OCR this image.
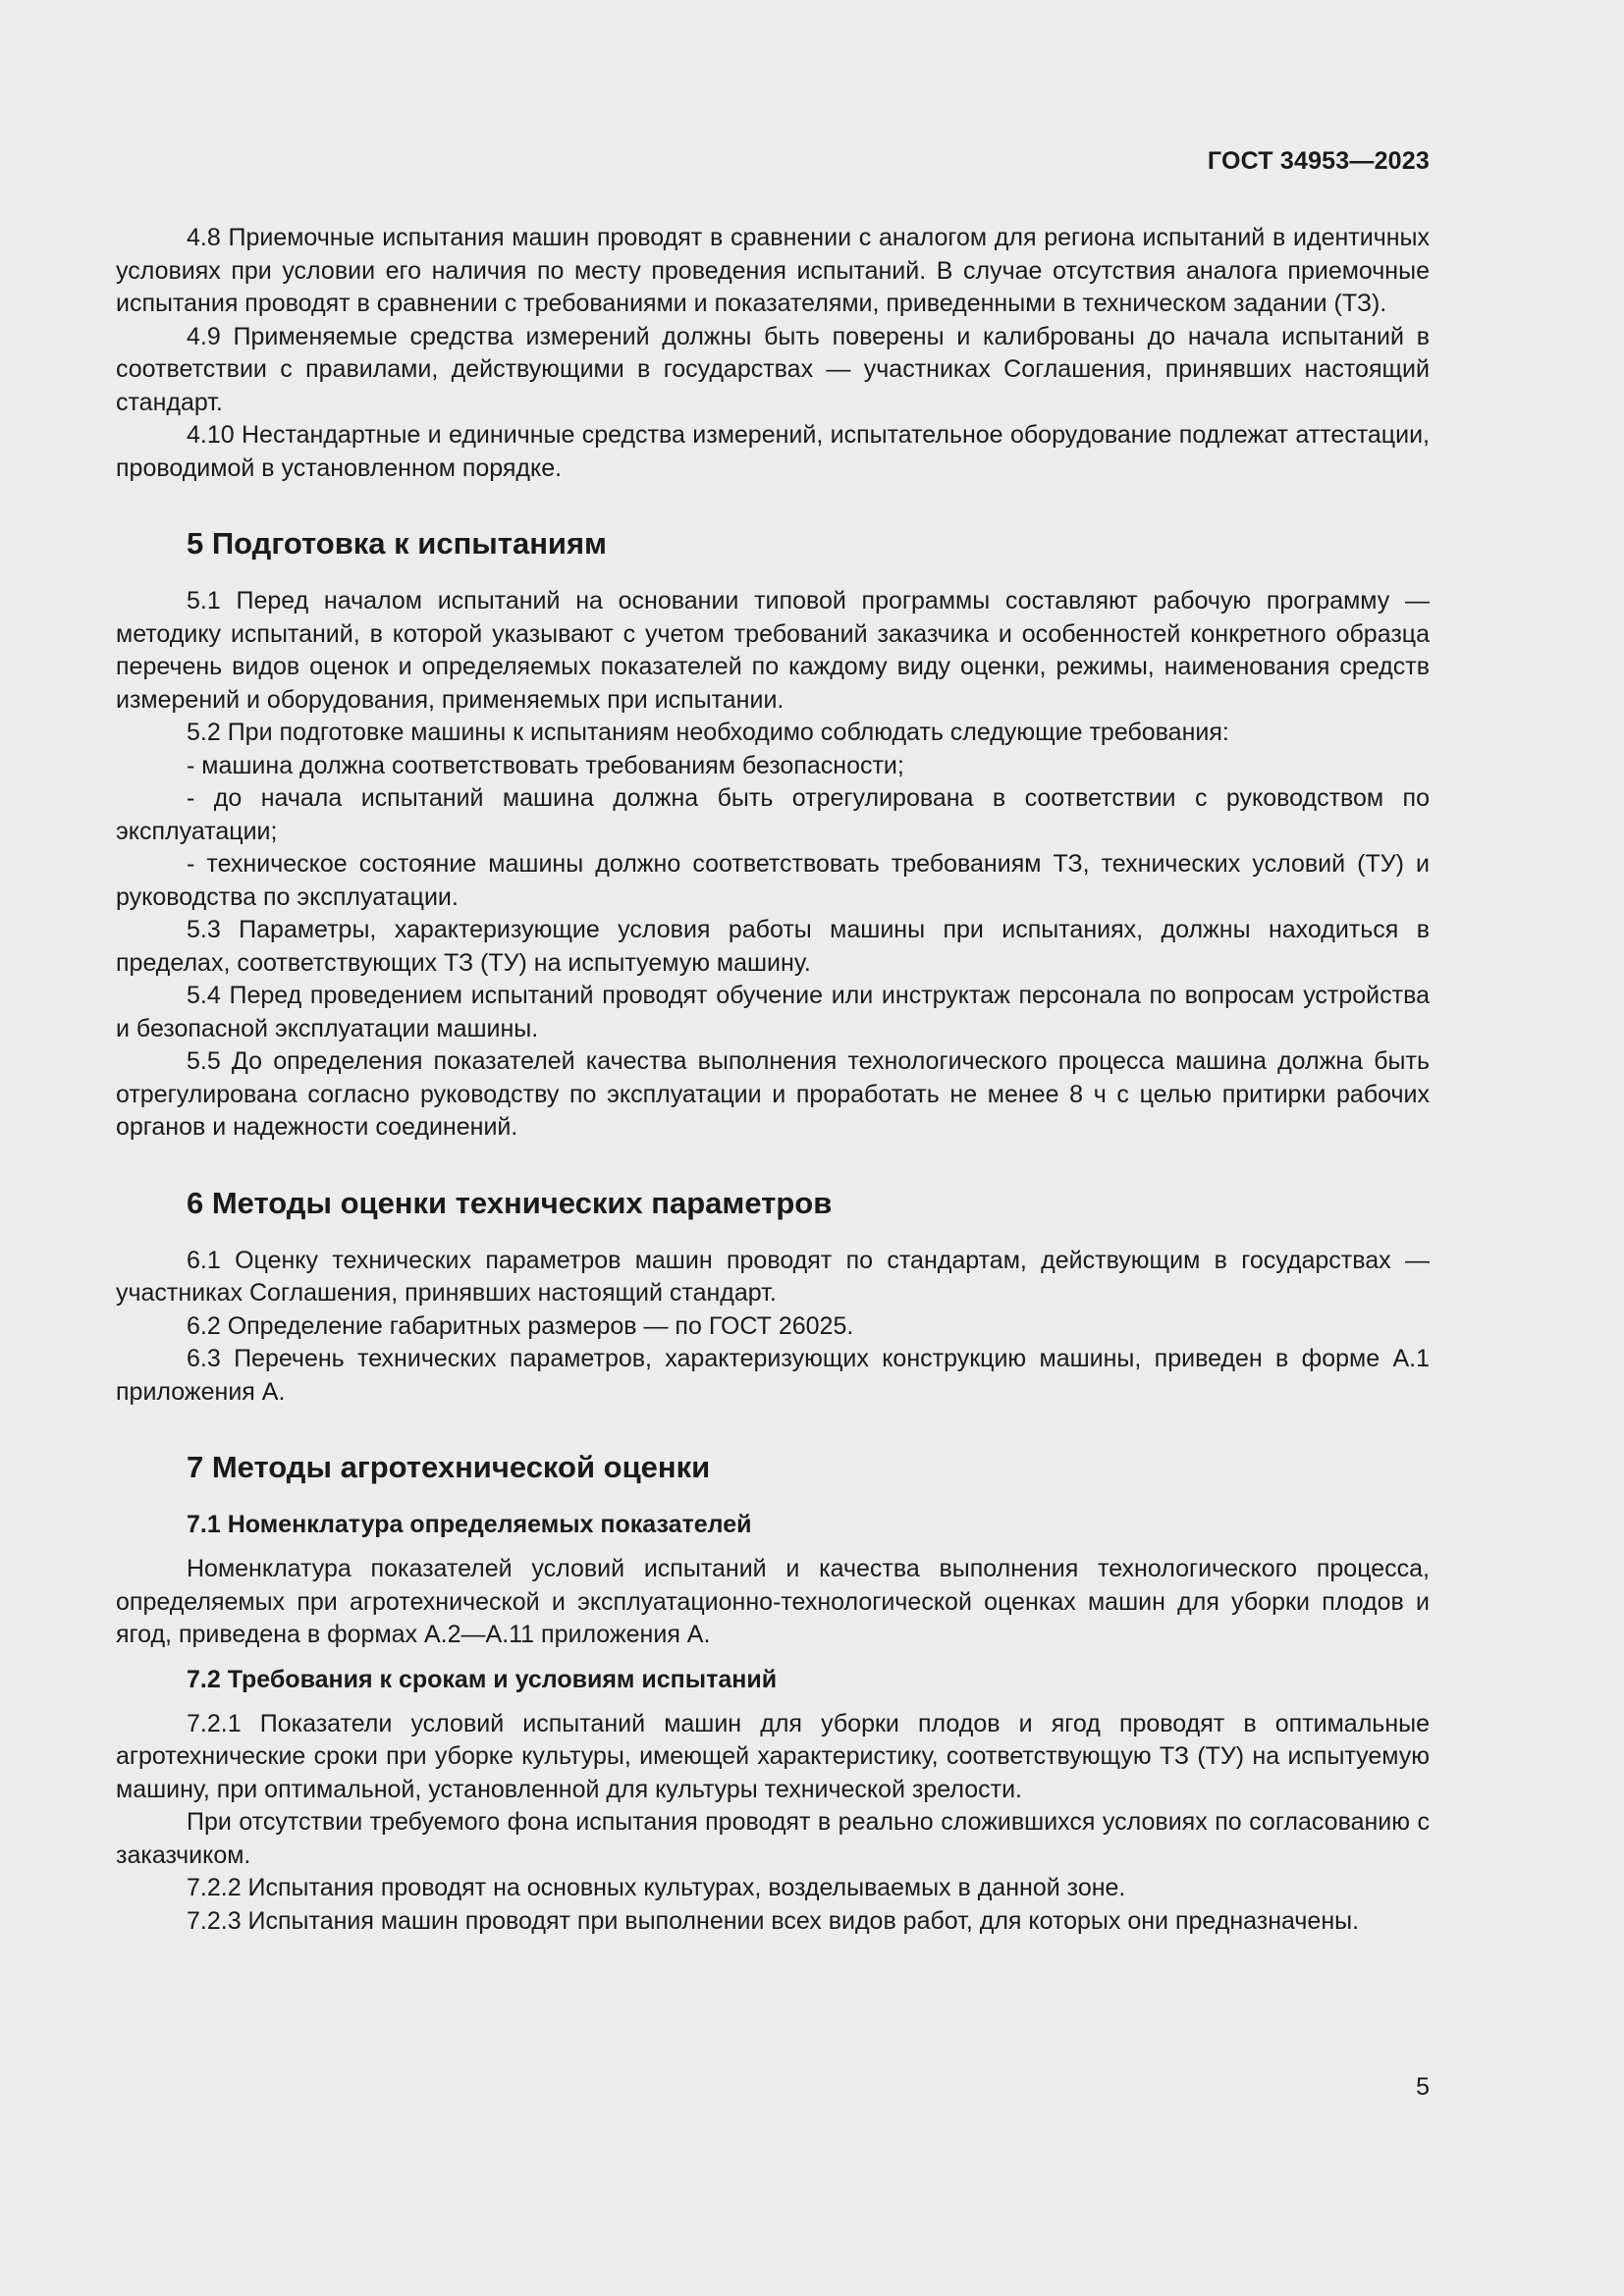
ГОСТ 34953—2023

4.8 Приемочные испытания машин проводят в сравнении с аналогом для региона испытаний в идентичных условиях при условии его наличия по месту проведения испытаний. В случае отсутствия аналога приемочные испытания проводят в сравнении с требованиями и показателями, приведенными в техническом задании (ТЗ).

4.9 Применяемые средства измерений должны быть поверены и калиброваны до начала испытаний в соответствии с правилами, действующими в государствах — участниках Соглашения, принявших настоящий стандарт.

4.10 Нестандартные и единичные средства измерений, испытательное оборудование подлежат аттестации, проводимой в установленном порядке.

5 Подготовка к испытаниям

5.1 Перед началом испытаний на основании типовой программы составляют рабочую программу — методику испытаний, в которой указывают с учетом требований заказчика и особенностей конкретного образца перечень видов оценок и определяемых показателей по каждому виду оценки, режимы, наименования средств измерений и оборудования, применяемых при испытании.

5.2 При подготовке машины к испытаниям необходимо соблюдать следующие требования:

- машина должна соответствовать требованиям безопасности;

- до начала испытаний машина должна быть отрегулирована в соответствии с руководством по эксплуатации;

- техническое состояние машины должно соответствовать требованиям ТЗ, технических условий (ТУ) и руководства по эксплуатации.

5.3 Параметры, характеризующие условия работы машины при испытаниях, должны находиться в пределах, соответствующих ТЗ (ТУ) на испытуемую машину.

5.4 Перед проведением испытаний проводят обучение или инструктаж персонала по вопросам устройства и безопасной эксплуатации машины.

5.5 До определения показателей качества выполнения технологического процесса машина должна быть отрегулирована согласно руководству по эксплуатации и проработать не менее 8 ч с целью притирки рабочих органов и надежности соединений.

6 Методы оценки технических параметров

6.1 Оценку технических параметров машин проводят по стандартам, действующим в государствах — участниках Соглашения, принявших настоящий стандарт.

6.2 Определение габаритных размеров — по ГОСТ 26025.

6.3 Перечень технических параметров, характеризующих конструкцию машины, приведен в форме А.1 приложения А.

7 Методы агротехнической оценки
7.1 Номенклатура определяемых показателей

Номенклатура показателей условий испытаний и качества выполнения технологического процесса, определяемых при агротехнической и эксплуатационно-технологической оценках машин для уборки плодов и ягод, приведена в формах А.2—А.11 приложения А.

7.2 Требования к срокам и условиям испытаний

7.2.1 Показатели условий испытаний машин для уборки плодов и ягод проводят в оптимальные агротехнические сроки при уборке культуры, имеющей характеристику, соответствующую ТЗ (ТУ) на испытуемую машину, при оптимальной, установленной для культуры технической зрелости.

При отсутствии требуемого фона испытания проводят в реально сложившихся условиях по согласованию с заказчиком.

7.2.2 Испытания проводят на основных культурах, возделываемых в данной зоне.

7.2.3 Испытания машин проводят при выполнении всех видов работ, для которых они предназначены.

5
